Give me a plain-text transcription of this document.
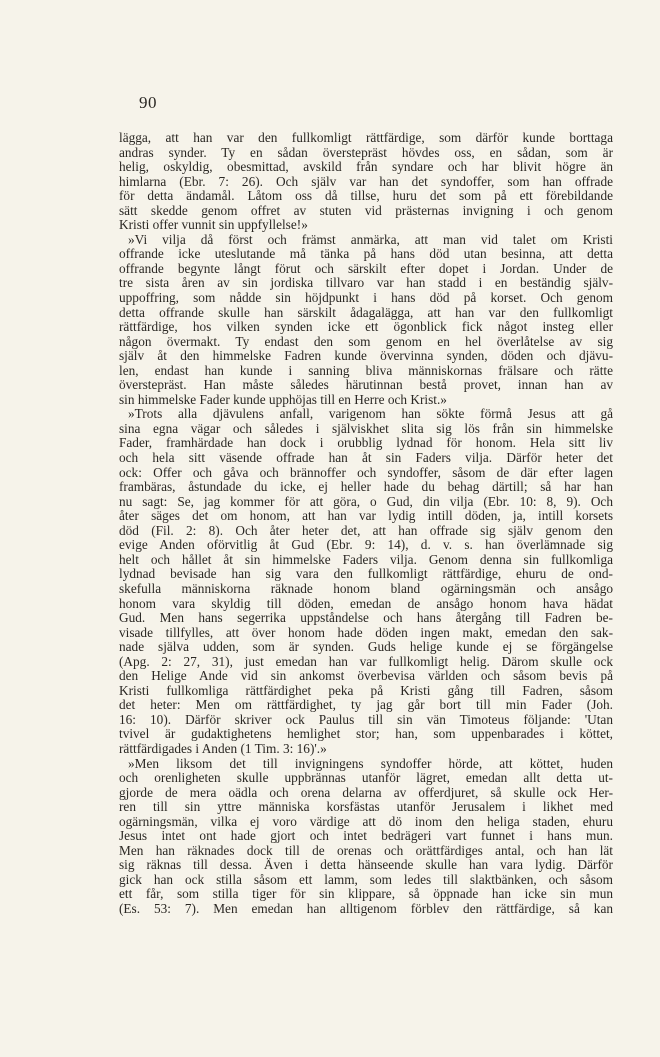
90
lägga, att han var den fullkomligt rättfärdige, som därför kunde borttaga
andras synder. Ty en sådan överstepräst hövdes oss, en sådan, som är
helig, oskyldig, obesmittad, avskild från syndare och har blivit högre än
himlarna (Ebr. 7: 26). Och själv var han det syndoffer, som han offrade
för detta ändamål. Låtom oss då tillse, huru det som på ett förebildande
sätt skedde genom offret av stuten vid prästernas invigning i och genom
Kristi offer vunnit sin uppfyllelse!»
»Vi vilja då först och främst anmärka, att man vid talet om Kristi
offrande icke uteslutande må tänka på hans död utan besinna, att detta
offrande begynte långt förut och särskilt efter dopet i Jordan. Under de
tre sista åren av sin jordiska tillvaro var han stadd i en beständig själv-
uppoffring, som nådde sin höjdpunkt i hans död på korset. Och genom
detta offrande skulle han särskilt ådagalägga, att han var den fullkomligt
rättfärdige, hos vilken synden icke ett ögonblick fick något insteg eller
någon övermakt. Ty endast den som genom en hel överlåtelse av sig
själv åt den himmelske Fadren kunde övervinna synden, döden och djävu-
len, endast han kunde i sanning bliva människornas frälsare och rätte
överstepräst. Han måste således härutinnan bestå provet, innan han av
sin himmelske Fader kunde upphöjas till en Herre och Krist.»
»Trots alla djävulens anfall, varigenom han sökte förmå Jesus att gå
sina egna vägar och således i själviskhet slita sig lös från sin himmelske
Fader, framhärdade han dock i orubblig lydnad för honom. Hela sitt liv
och hela sitt väsende offrade han åt sin Faders vilja. Därför heter det
ock: Offer och gåva och brännoffer och syndoffer, såsom de där efter lagen
frambäras, åstundade du icke, ej heller hade du behag därtill; så har han
nu sagt: Se, jag kommer för att göra, o Gud, din vilja (Ebr. 10: 8, 9). Och
åter säges det om honom, att han var lydig intill döden, ja, intill korsets
död (Fil. 2: 8). Och åter heter det, att han offrade sig själv genom den
evige Anden oförvitlig åt Gud (Ebr. 9: 14), d. v. s. han överlämnade sig
helt och hållet åt sin himmelske Faders vilja. Genom denna sin fullkomliga
lydnad bevisade han sig vara den fullkomligt rättfärdige, ehuru de ond-
skefulla människorna räknade honom bland ogärningsmän och ansågo
honom vara skyldig till döden, emedan de ansågo honom hava hädat
Gud. Men hans segerrika uppståndelse och hans återgång till Fadren be-
visade tillfylles, att över honom hade döden ingen makt, emedan den sak-
nade själva udden, som är synden. Guds helige kunde ej se förgängelse
(Apg. 2: 27, 31), just emedan han var fullkomligt helig. Därom skulle ock
den Helige Ande vid sin ankomst överbevisa världen och såsom bevis på
Kristi fullkomliga rättfärdighet peka på Kristi gång till Fadren, såsom
det heter: Men om rättfärdighet, ty jag går bort till min Fader (Joh.
16: 10). Därför skriver ock Paulus till sin vän Timoteus följande: 'Utan
tvivel är gudaktighetens hemlighet stor; han, som uppenbarades i köttet,
rättfärdigades i Anden (1 Tim. 3: 16)'.»
»Men liksom det till invigningens syndoffer hörde, att köttet, huden
och orenligheten skulle uppbrännas utanför lägret, emedan allt detta ut-
gjorde de mera oädla och orena delarna av offerdjuret, så skulle ock Her-
ren till sin yttre människa korsfästas utanför Jerusalem i likhet med
ogärningsmän, vilka ej voro värdige att dö inom den heliga staden, ehuru
Jesus intet ont hade gjort och intet bedrägeri vart funnet i hans mun.
Men han räknades dock till de orenas och orättfärdiges antal, och han lät
sig räknas till dessa. Även i detta hänseende skulle han vara lydig. Därför
gick han ock stilla såsom ett lamm, som ledes till slaktbänken, och såsom
ett får, som stilla tiger för sin klippare, så öppnade han icke sin mun
(Es. 53: 7). Men emedan han alltigenom förblev den rättfärdige, så kan
